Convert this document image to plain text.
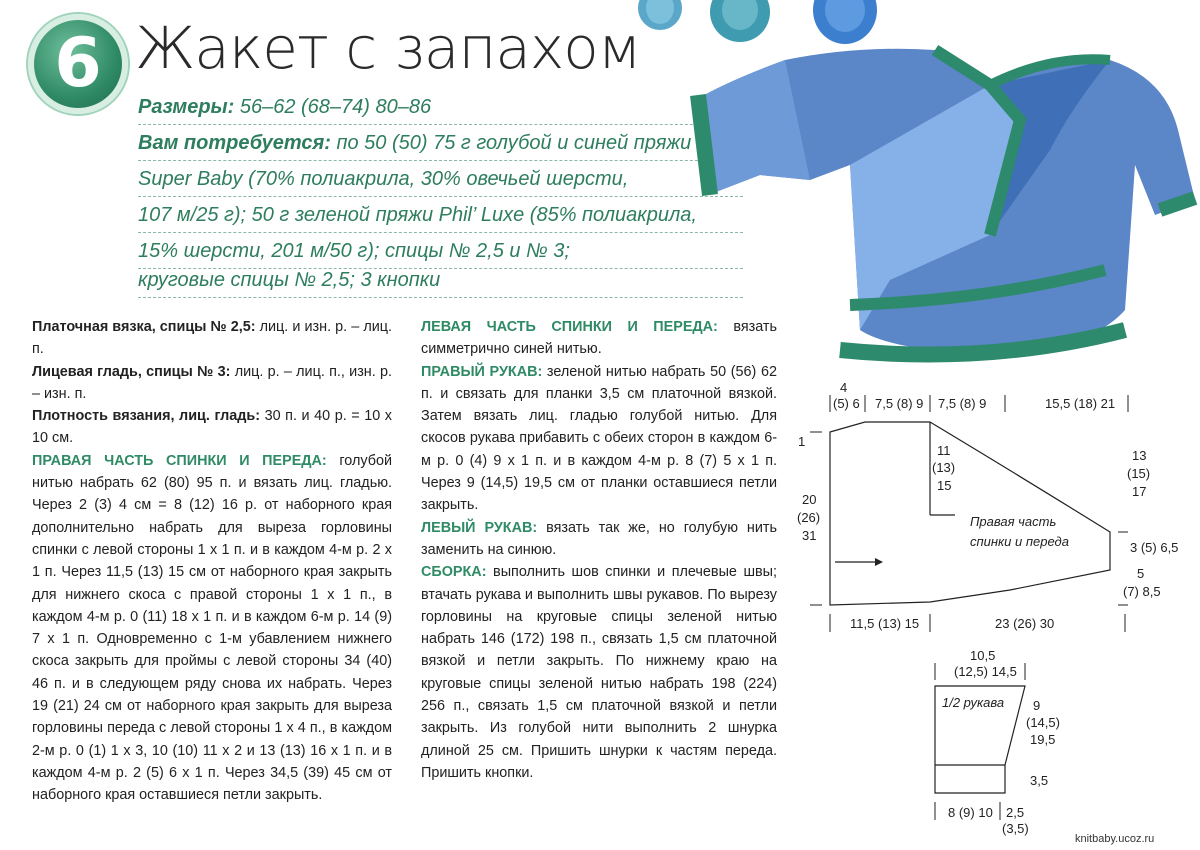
6 Жакет с запахом
Размеры: 56–62 (68–74) 80–86
Вам потребуется: по 50 (50) 75 г голубой и синей пряжи
Super Baby (70% полиакрила, 30% овечьей шерсти,
107 м/25 г); 50 г зеленой пряжи Phil’ Luxe (85% полиакрила,
15% шерсти, 201 м/50 г); спицы № 2,5 и № 3;
круговые спицы № 2,5; 3 кнопки

Платочная вязка, спицы № 2,5: лиц. и изн. р. – лиц. п.

Лицевая гладь, спицы № 3: лиц. р. – лиц. п., изн. р. – изн. п.

Плотность вязания, лиц. гладь: 30 п. и 40 р. = 10 х 10 см.

ПРАВАЯ ЧАСТЬ СПИНКИ И ПЕРЕДА: голубой нитью набрать 62 (80) 95 п. и вязать лиц. гладью. Через 2 (3) 4 см = 8 (12) 16 р. от наборного края дополнительно набрать для выреза горловины спинки с левой стороны 1 х 1 п. и в каждом 4-м р. 2 х 1 п. Через 11,5 (13) 15 см от наборного края закрыть для нижнего скоса с правой стороны 1 х 1 п., в каждом 4-м р. 0 (11) 18 х 1 п. и в каждом 6-м р. 14 (9) 7 х 1 п. Одновременно с 1-м убавлением нижнего скоса закрыть для проймы с левой стороны 34 (40) 46 п. и в следующем ряду снова их набрать. Через 19 (21) 24 см от наборного края закрыть для выреза горловины переда с левой стороны 1 х 4 п., в каждом 2-м р. 0 (1) 1 х 3, 10 (10) 11 х 2 и 13 (13) 16 х 1 п. и в каждом 4-м р. 2 (5) 6 х 1 п. Через 34,5 (39) 45 см от наборного края оставшиеся петли закрыть.

ЛЕВАЯ ЧАСТЬ СПИНКИ И ПЕРЕДА: вязать симметрично синей нитью.

ПРАВЫЙ РУКАВ: зеленой нитью набрать 50 (56) 62 п. и связать для планки 3,5 см платочной вязкой. Затем вязать лиц. гладью голубой нитью. Для скосов рукава прибавить с обеих сторон в каждом 6-м р. 0 (4) 9 х 1 п. и в каждом 4-м р. 8 (7) 5 х 1 п. Через 9 (14,5) 19,5 см от планки оставшиеся петли закрыть.

ЛЕВЫЙ РУКАВ: вязать так же, но голубую нить заменить на синюю.

СБОРКА: выполнить шов спинки и плечевые швы; втачать рукава и выполнить швы рукавов. По вырезу горловины на круговые спицы зеленой нитью набрать 146 (172) 198 п., связать 1,5 см платочной вязкой и петли закрыть. По нижнему краю на круговые спицы зеленой нитью набрать 198 (224) 256 п., связать 1,5 см платочной вязкой и петли закрыть. Из голубой нити выполнить 2 шнурка длиной 25 см. Пришить шнурки к частям переда. Пришить кнопки.

4
(5) 6 7,5 (8) 9 7,5 (8) 9	15,5 (18) 21
1
20
(26)
31
11
(13)
15
13
(15)
17
Правая часть
спинки и переда	3 (5) 6,5
5
(7) 8,5
11,5 (13) 15	23 (26) 30
10,5
(12,5) 14,5
1/2 рукава 9
(14,5)
19,5
3,5
8 (9) 10 2,5
(3,5)
knitbaby.ucoz.ru
